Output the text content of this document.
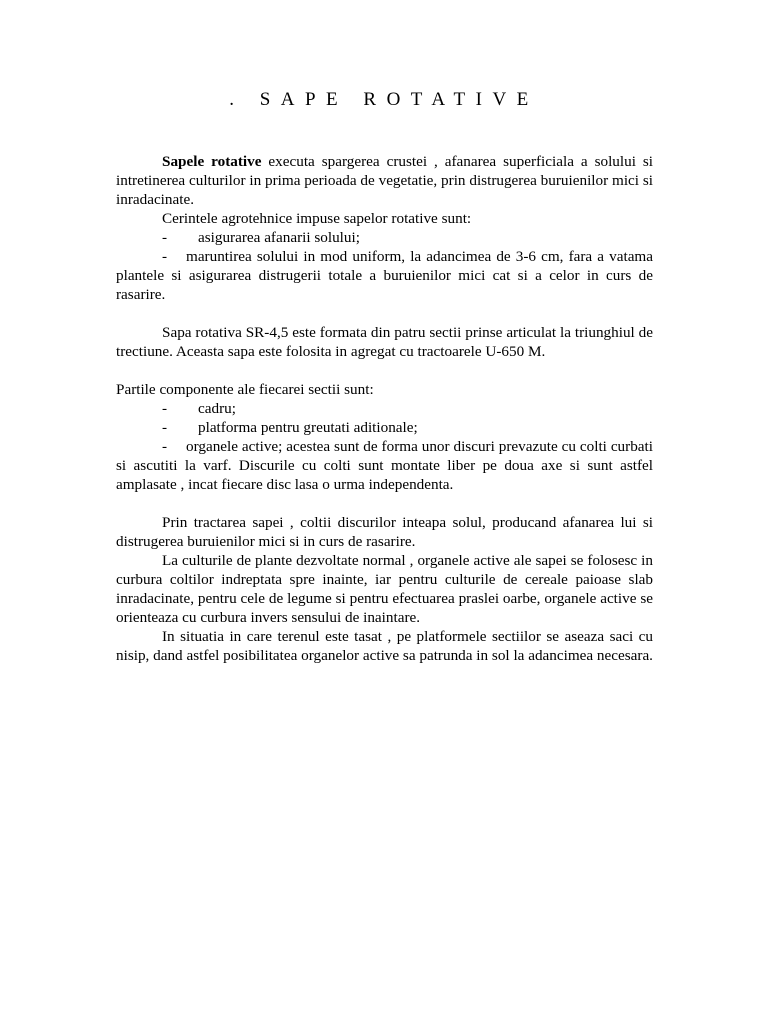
. SAPE ROTATIVE

Sapele rotative executa spargerea crustei , afanarea superficiala a solului si intretinerea culturilor in prima perioada de vegetatie, prin distrugerea buruienilor mici si inradacinate.

Cerintele agrotehnice impuse sapelor rotative sunt:

- asigurarea afanarii solului;

- maruntirea solului in mod uniform, la adancimea de 3-6 cm, fara a vatama plantele si asigurarea distrugerii totale a buruienilor mici cat si a celor in curs de rasarire.

Sapa rotativa SR-4,5 este formata din patru sectii prinse articulat la triunghiul de trectiune. Aceasta sapa este folosita in agregat cu tractoarele U-650 M.

Partile componente ale fiecarei sectii sunt:

- cadru;

- platforma pentru greutati aditionale;

- organele active; acestea sunt de forma unor discuri prevazute cu colti curbati si ascutiti la varf. Discurile cu colti sunt montate liber pe doua axe si sunt astfel amplasate , incat fiecare disc lasa o urma independenta.

Prin tractarea sapei , coltii discurilor inteapa solul, producand afanarea lui si distrugerea buruienilor mici si in curs de rasarire.

La culturile de plante dezvoltate normal , organele active ale sapei se folosesc in curbura coltilor indreptata spre inainte, iar pentru culturile de cereale paioase slab inradacinate, pentru cele de legume si pentru efectuarea praslei oarbe, organele active se orienteaza cu curbura invers sensului de inaintare.

In situatia in care terenul este tasat , pe platformele sectiilor se aseaza saci cu nisip, dand astfel posibilitatea organelor active sa patrunda in sol la adancimea necesara.
